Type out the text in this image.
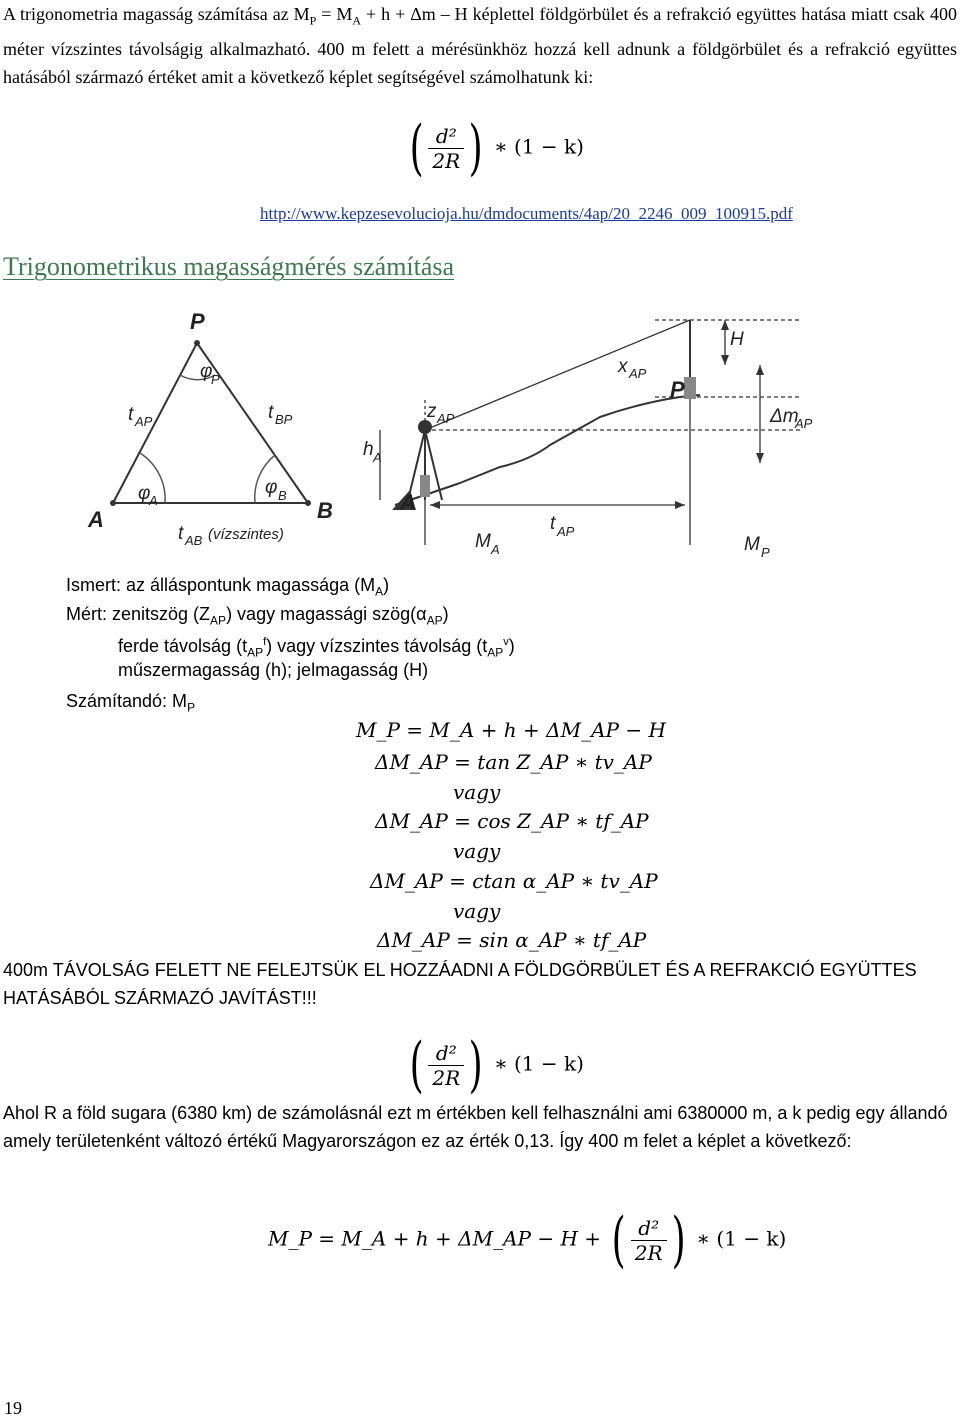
A trigonometria magasság számítása az $M_P = M_A + h + \Delta m - H$ képlettel földgörbület és a refrakció együttes hatása miatt csak 400 méter vízszintes távolságig alkalmazható. 400 m felett a mérésünkhöz hozzá kell adnunk a földgörbület és a refrakció együttes hatásából származó értéket amit a következő képlet segítségével számolhatunk ki:
( $\frac{\text{d²}}{2R}$ ) ∗ (1 − k)
http://www.kepzesevolucioja.hu/dmdocuments/4ap/20_2246_009_100915.pdf
Trigonometrikus magasságmérés számítása
P
A	B
φ
P
φ
A
φ B
t AP	t BP
t AB (vízszintes)
z AP
h A
A
P
x AP
H
Δm
AP
M A
t AP
M P
Ismert: az álláspontunk magassága $(M_A)$
Mért: zenitszög $(Z_{AP})$ vagy magassági $szög(\alpha_{AP})$
ferde távolság $(t_{AP}^f)$ vagy vízszintes távolság $(t_{AP}^v)$
műszermagasság (h); jelmagasság (H)
Számítandó: $M_P$
M_P = M_A + h + ΔM_AP − H
ΔM_AP = tan Z_AP ∗ tv_AP
vagy
ΔM_AP = cos Z_AP ∗ tf_AP
vagy
ΔM_AP = ctan α_AP ∗ tv_AP
vagy
ΔM_AP = sin α_AP ∗ tf_AP
400m TÁVOLSÁG FELETT NE FELEJTSÜK EL HOZZÁADNI A FÖLDGÖRBÜLET ÉS A REFRAKCIÓ EGYÜTTES HATÁSÁBÓL SZÁRMAZÓ JAVÍTÁST!!!
( $\frac{\text{d²}}{2R}$ ) ∗ (1 − k)
Ahol R a föld sugara (6380 km) de számolásnál ezt m értékben kell felhasználni ami 6380000 m, a k pedig egy állandó amely területenként változó értékű Magyarországon ez az érték 0,13. Így 400 m felet a képlet a következő:
M_P = M_A + h + ΔM_AP − H + ( $\frac{\text{d²}}{2R}$ ) ∗ (1 − k)
19
